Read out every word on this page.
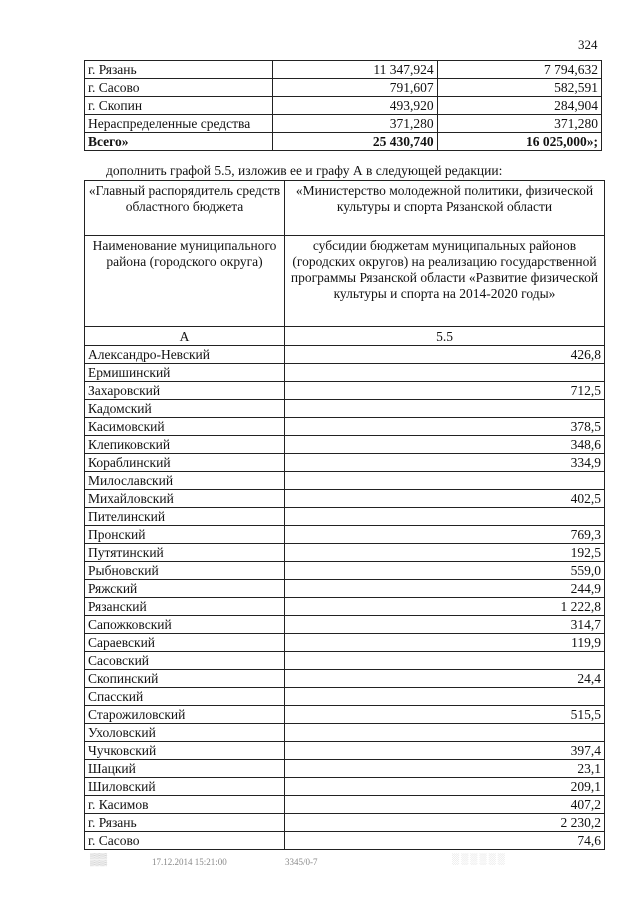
324
г. Рязань	11 347,924	7 794,632
г. Сасово	791,607	582,591
г. Скопин	493,920	284,904
Нераспределенные средства	371,280	371,280
Всего»	25 430,740	16 025,000»;
дополнить графой 5.5, изложив ее и графу А в следующей редакции:
«Главный распорядитель средств областного бюджета	«Министерство молодежной политики, физической культуры и спорта Рязанской области
Наименование муниципального района (городского округа)	субсидии бюджетам муниципальных районов (городских округов) на реализацию государственной программы Рязанской области «Развитие физической культуры и спорта на 2014-2020 годы»
А	5.5
Александро-Невский	426,8
Ермишинский	
Захаровский	712,5
Кадомский	
Касимовский	378,5
Клепиковский	348,6
Кораблинский	334,9
Милославский	
Михайловский	402,5
Пителинский	
Пронский	769,3
Путятинский	192,5
Рыбновский	559,0
Ряжский	244,9
Рязанский	1 222,8
Сапожковский	314,7
Сараевский	119,9
Сасовский	
Скопинский	24,4
Спасский	
Старожиловский	515,5
Ухоловский	
Чучковский	397,4
Шацкий	23,1
Шиловский	209,1
г. Касимов	407,2
г. Рязань	2 230,2
г. Сасово	74,6
▒▒	17.12.2014 15:21:00	3345/0-7	░░░░░░
